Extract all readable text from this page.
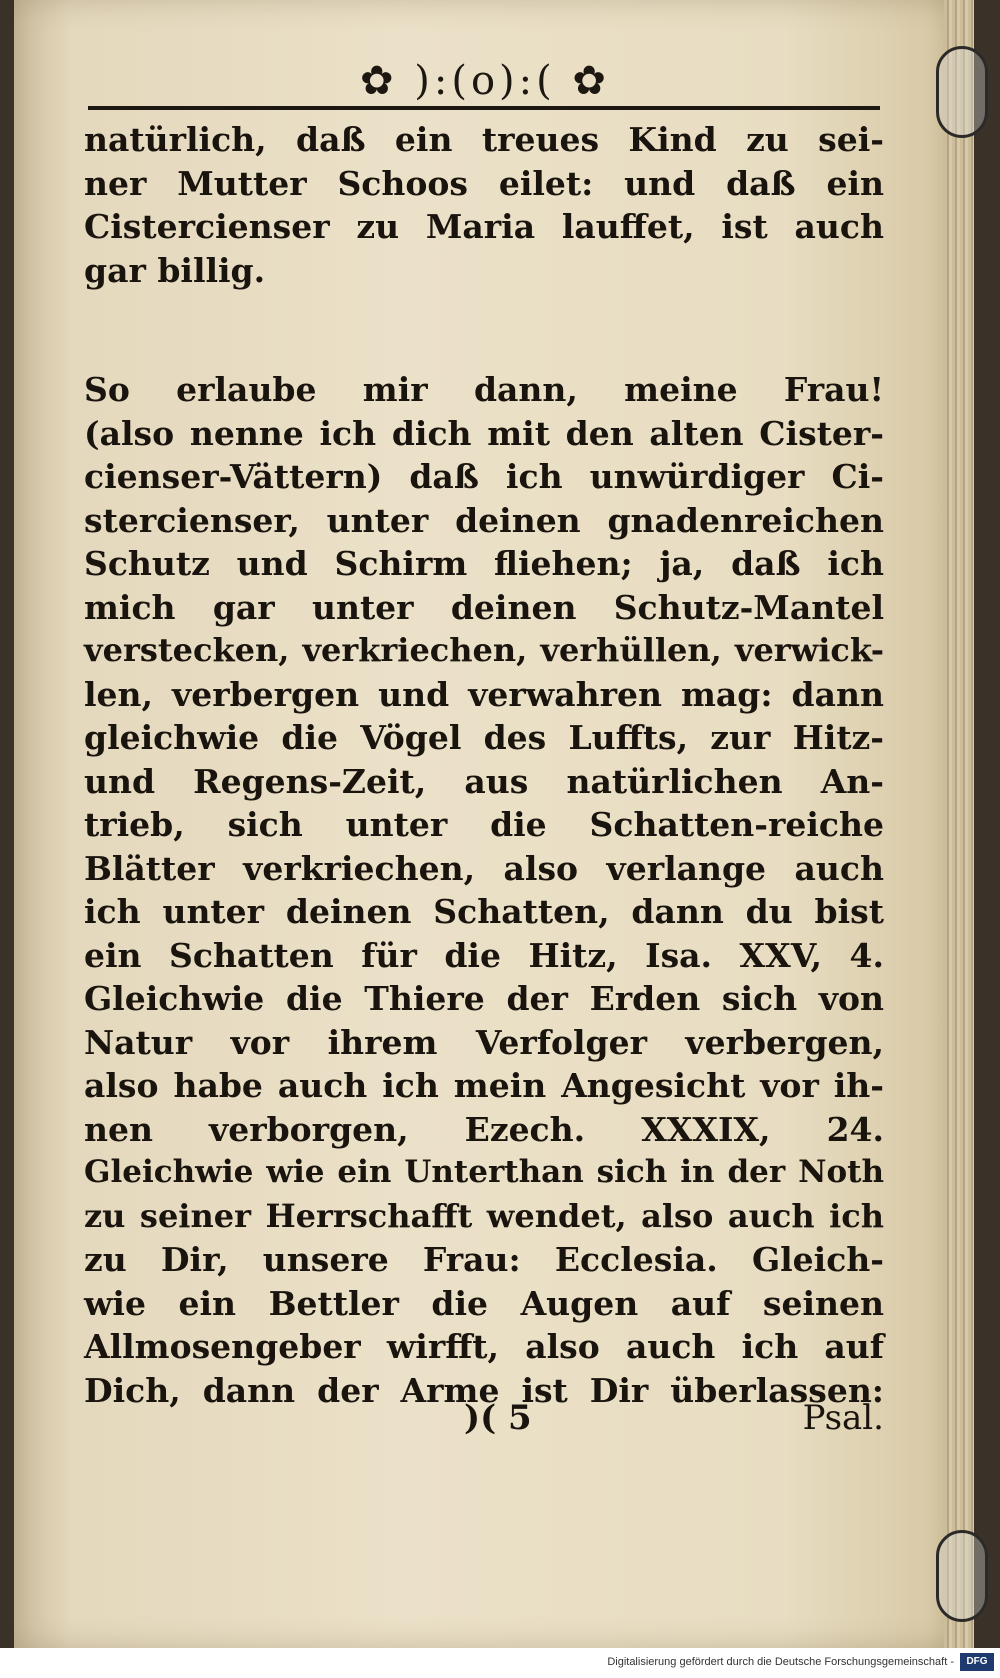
✿ ):(o):( ✿
natürlich, daß ein treues Kind zu sei-
ner Mutter Schoos eilet: und daß ein
Cistercienser zu Maria lauffet, ist auch
gar billig.
So erlaube mir dann, meine Frau!
(also nenne ich dich mit den alten Cister-
cienser-Vättern) daß ich unwürdiger Ci-
stercienser, unter deinen gnadenreichen
Schutz und Schirm fliehen; ja, daß ich
mich gar unter deinen Schutz-Mantel
verstecken, verkriechen, verhüllen, verwick-
len, verbergen und verwahren mag: dann
gleichwie die Vögel des Luffts, zur Hitz-
und Regens-Zeit, aus natürlichen An-
trieb, sich unter die Schatten-reiche
Blätter verkriechen, also verlange auch
ich unter deinen Schatten, dann du bist
ein Schatten für die Hitz, Isa. XXV, 4.
Gleichwie die Thiere der Erden sich von
Natur vor ihrem Verfolger verbergen,
also habe auch ich mein Angesicht vor ih-
nen verborgen, Ezech. XXXIX, 24.
Gleichwie wie ein Unterthan sich in der Noth
zu seiner Herrschafft wendet, also auch ich
zu Dir, unsere Frau: Ecclesia. Gleich-
wie ein Bettler die Augen auf seinen
Allmosengeber wirfft, also auch ich auf
Dich, dann der Arme ist Dir überlassen:
)( 5	Psal.
Digitalisierung gefördert durch die Deutsche Forschungsgemeinschaft -	DFG
